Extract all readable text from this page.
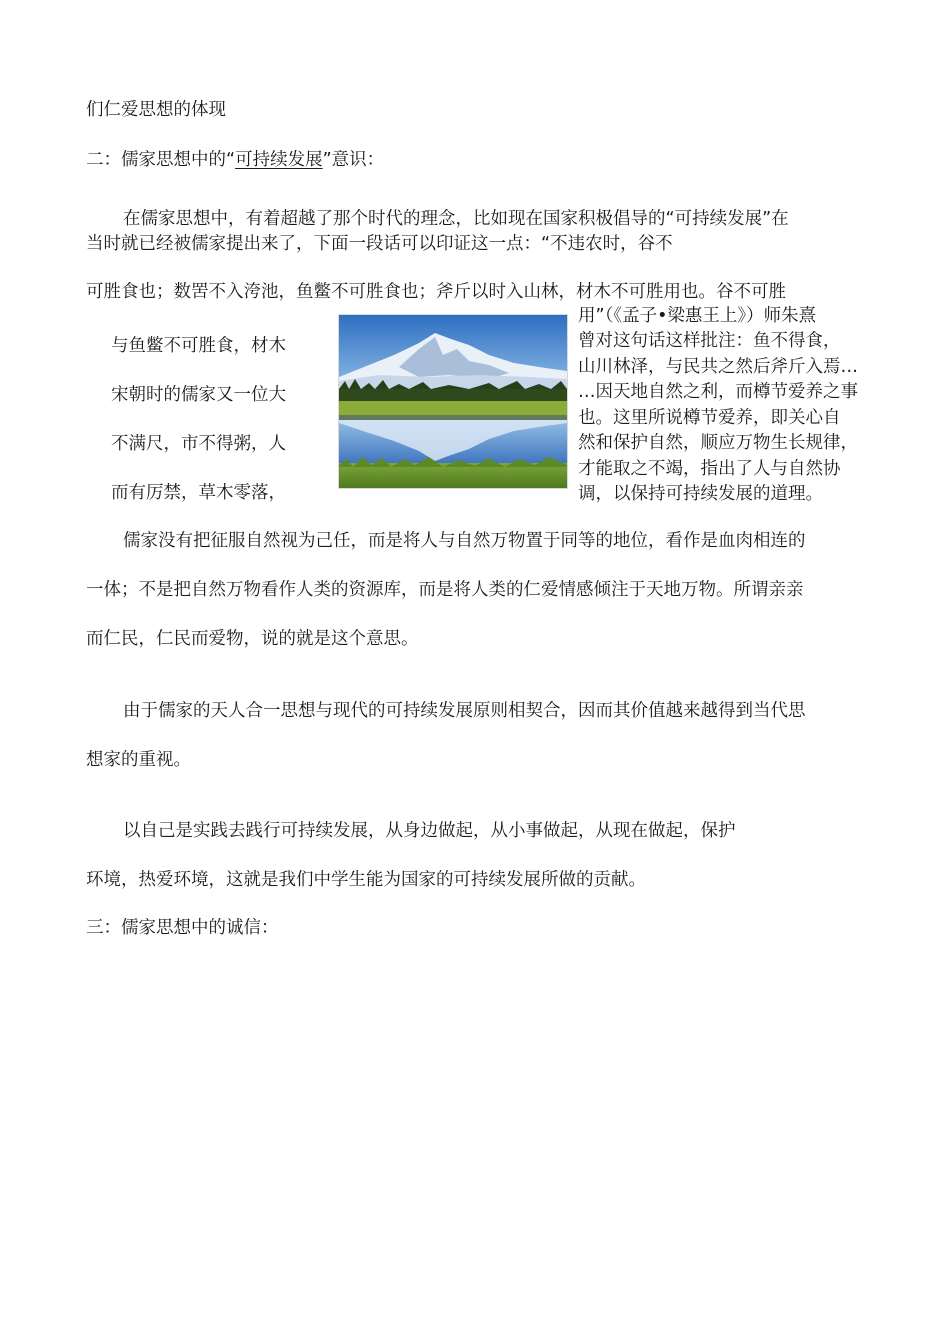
们仁爱思想的体现
二：儒家思想中的“可持续发展”意识：
在儒家思想中，有着超越了那个时代的理念，比如现在国家积极倡导的“可持续发展”在
当时就已经被儒家提出来了，下面一段话可以印证这一点：“不违农时，谷不
可胜食也；数罟不入洿池，鱼鳖不可胜食也；斧斤以时入山林，材木不可胜用也。谷不可胜
与鱼鳖不可胜食，材木
宋朝时的儒家又一位大
不满尺，市不得粥，人
而有厉禁，草木零落，
用”（《孟子•梁惠王上》）师朱熹
曾对这句话这样批注：鱼不得食，
山川林泽，与民共之然后斧斤入焉…
…因天地自然之利，而樽节爱养之事
也。这里所说樽节爱养，即关心自
然和保护自然，顺应万物生长规律，
才能取之不竭，指出了人与自然协
调，以保持可持续发展的道理。
儒家没有把征服自然视为己任，而是将人与自然万物置于同等的地位，看作是血肉相连的
一体；不是把自然万物看作人类的资源库，而是将人类的仁爱情感倾注于天地万物。所谓亲亲
而仁民，仁民而爱物，说的就是这个意思。
由于儒家的天人合一思想与现代的可持续发展原则相契合，因而其价值越来越得到当代思
想家的重视。
以自己是实践去践行可持续发展，从身边做起，从小事做起，从现在做起，保护
环境，热爱环境，这就是我们中学生能为国家的可持续发展所做的贡献。
三：儒家思想中的诚信：
